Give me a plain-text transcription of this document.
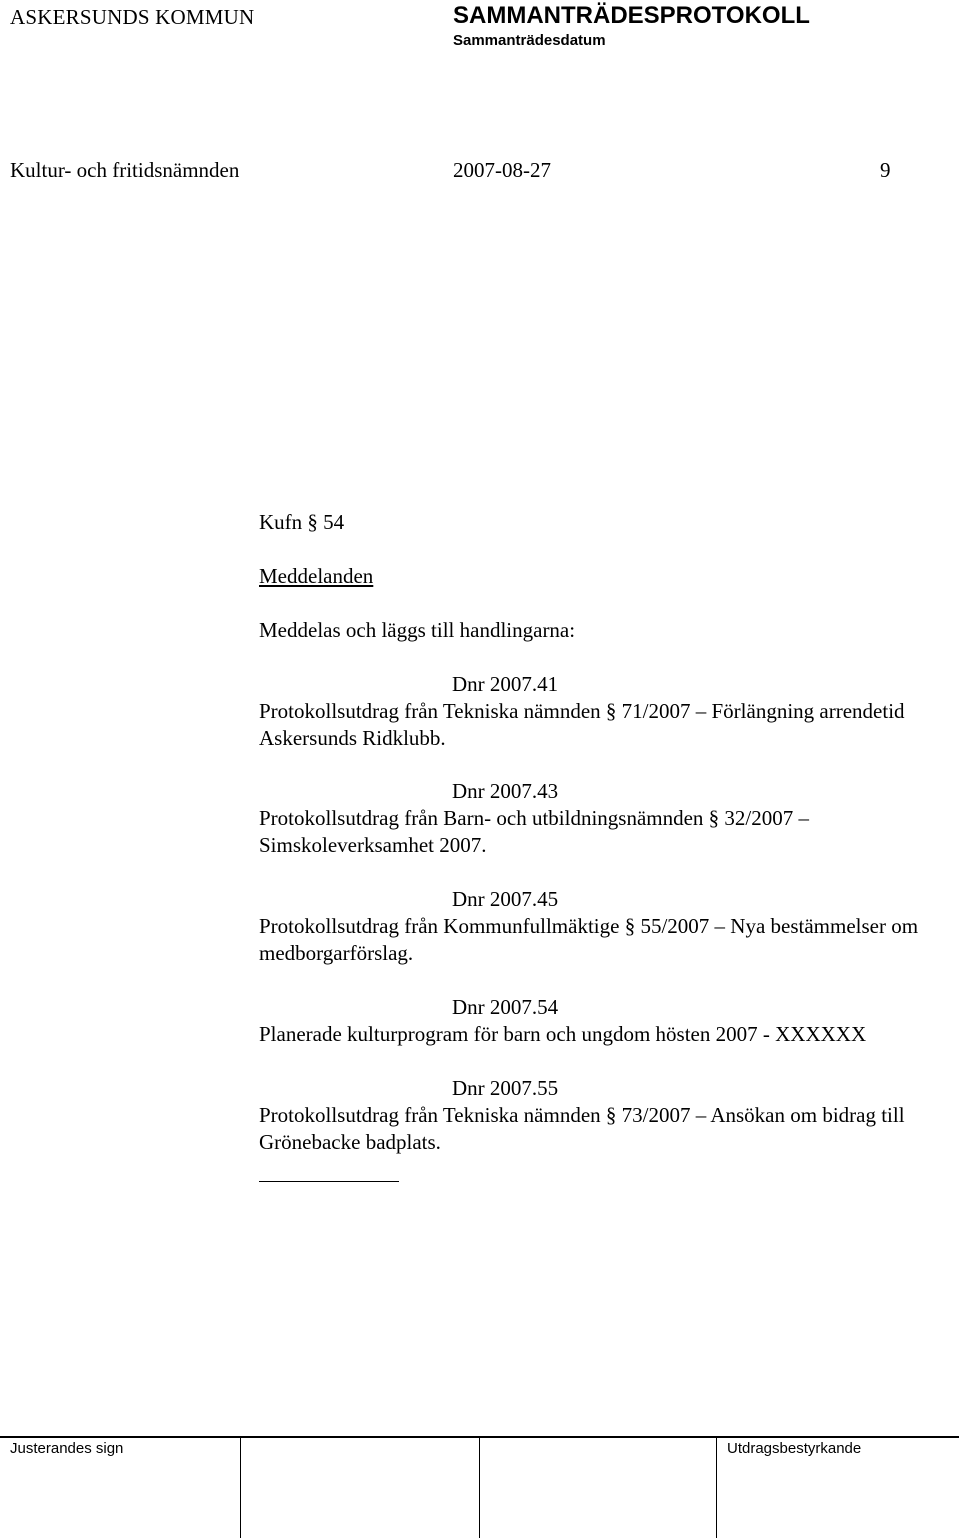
ASKERSUNDS KOMMUN	SAMMANTRÄDESPROTOKOLL
Sammanträdesdatum
Kultur- och fritidsnämnden	2007-08-27	9
Kufn § 54
Meddelanden
Meddelas och läggs till handlingarna:
Dnr 2007.41
Protokollsutdrag från Tekniska nämnden § 71/2007 – Förlängning arrendetid Askersunds Ridklubb.
Dnr 2007.43
Protokollsutdrag från Barn- och utbildningsnämnden § 32/2007 – Simskoleverksamhet 2007.
Dnr 2007.45
Protokollsutdrag från Kommunfullmäktige § 55/2007 – Nya bestämmelser om medborgarförslag.
Dnr 2007.54
Planerade kulturprogram för barn och ungdom hösten 2007 - XXXXXX
Dnr 2007.55
Protokollsutdrag från Tekniska nämnden § 73/2007 – Ansökan om bidrag till Grönebacke badplats.
Justerandes sign	Utdragsbestyrkande
